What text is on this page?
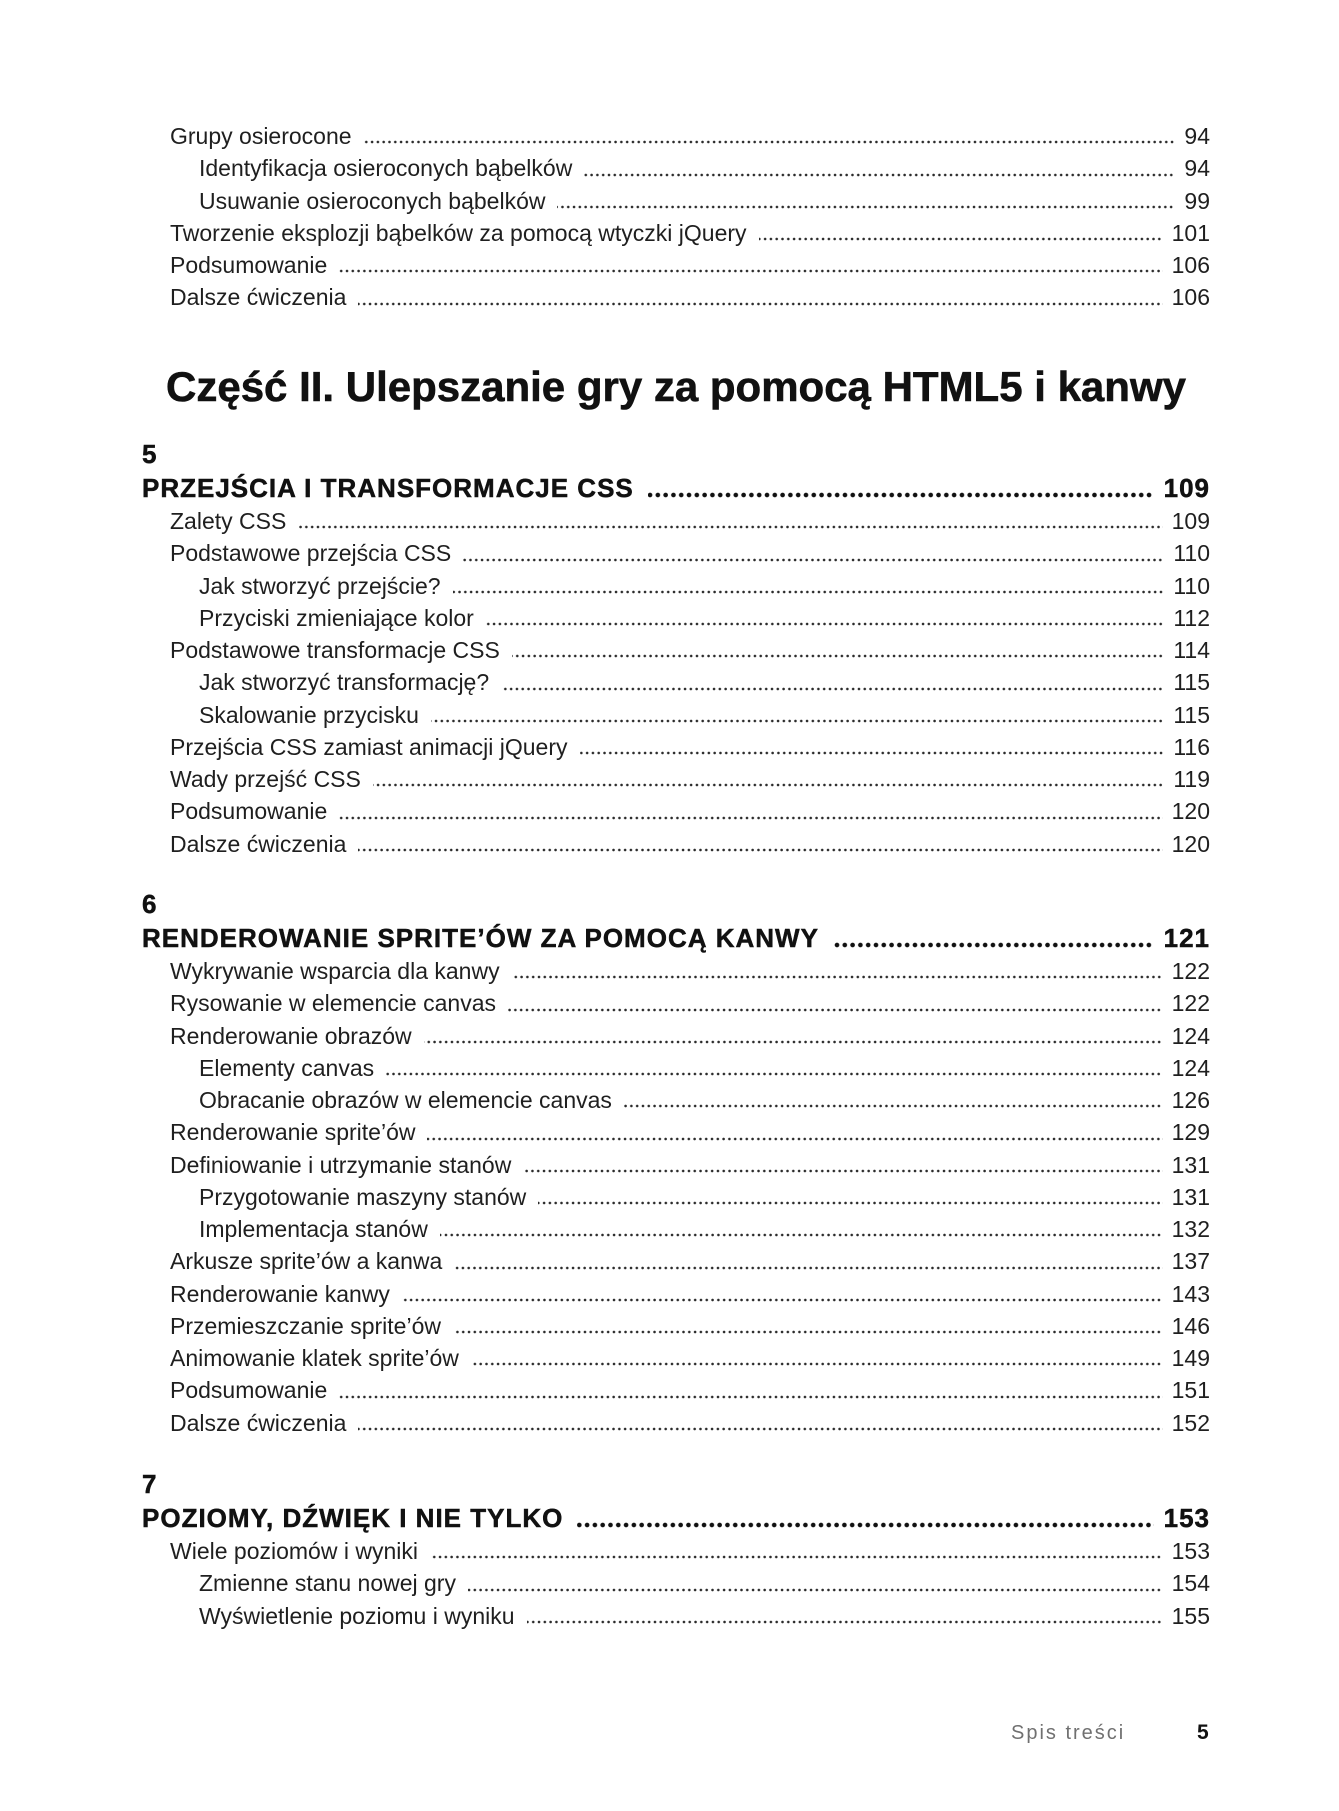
Grupy osierocone	94
Identyfikacja osieroconych bąbelków	94
Usuwanie osieroconych bąbelków	99
Tworzenie eksplozji bąbelków za pomocą wtyczki jQuery	101
Podsumowanie	106
Dalsze ćwiczenia	106
Część II. Ulepszanie gry za pomocą HTML5 i kanwy
5
PRZEJŚCIA I TRANSFORMACJE CSS	109
Zalety CSS	109
Podstawowe przejścia CSS	110
Jak stworzyć przejście?	110
Przyciski zmieniające kolor	112
Podstawowe transformacje CSS	114
Jak stworzyć transformację?	115
Skalowanie przycisku	115
Przejścia CSS zamiast animacji jQuery	116
Wady przejść CSS	119
Podsumowanie	120
Dalsze ćwiczenia	120
6
RENDEROWANIE SPRITE’ÓW ZA POMOCĄ KANWY	121
Wykrywanie wsparcia dla kanwy	122
Rysowanie w elemencie canvas	122
Renderowanie obrazów	124
Elementy canvas	124
Obracanie obrazów w elemencie canvas	126
Renderowanie sprite’ów	129
Definiowanie i utrzymanie stanów	131
Przygotowanie maszyny stanów	131
Implementacja stanów	132
Arkusze sprite’ów a kanwa	137
Renderowanie kanwy	143
Przemieszczanie sprite’ów	146
Animowanie klatek sprite’ów	149
Podsumowanie	151
Dalsze ćwiczenia	152
7
POZIOMY, DŹWIĘK I NIE TYLKO	153
Wiele poziomów i wyniki	153
Zmienne stanu nowej gry	154
Wyświetlenie poziomu i wyniku	155
Spis treści	5
